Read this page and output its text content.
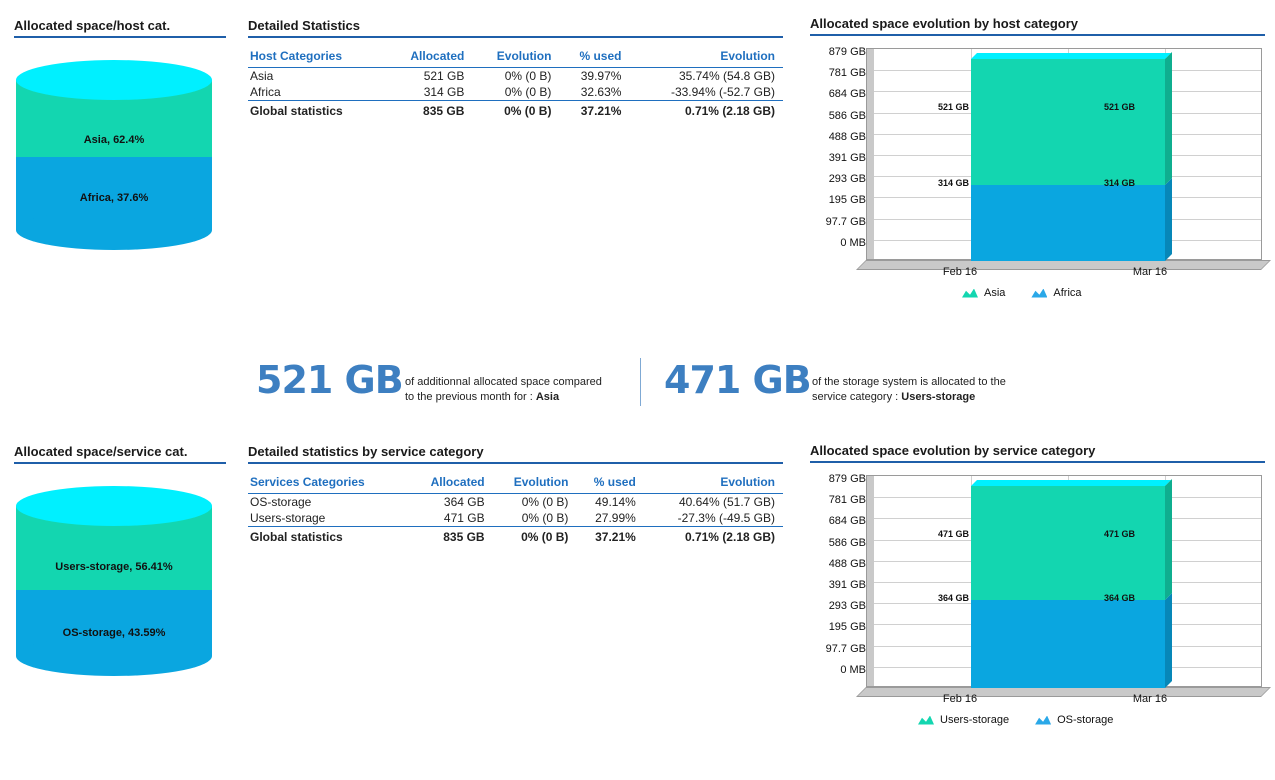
Allocated space/host cat.
Africa, 37.6%
Asia, 62.4%
Detailed Statistics
Host Categories	Allocated	Evolution	% used	Evolution
Asia	521 GB	0% (0 B)	39.97%	35.74% (54.8 GB)
Africa	314 GB	0% (0 B)	32.63%	-33.94% (-52.7 GB)
Global statistics	835 GB	0% (0 B)	37.21%	0.71% (2.18 GB)
Allocated space evolution by host category
879 GB
781 GB
684 GB
586 GB
488 GB
391 GB
293 GB
195 GB
97.7 GB
0 MB
521 GB	521 GB
314 GB	314 GB
Feb 16	Mar 16
Asia	Africa
521 GB of additionnal allocated space compared
to the previous month for : Asia	471 GB of the storage system is allocated to the
service category : Users-storage
Allocated space/service cat.
OS-storage, 43.59%
Users-storage, 56.41%
Detailed statistics by service category
Services Categories	Allocated	Evolution	% used	Evolution
OS-storage	364 GB	0% (0 B)	49.14%	40.64% (51.7 GB)
Users-storage	471 GB	0% (0 B)	27.99%	-27.3% (-49.5 GB)
Global statistics	835 GB	0% (0 B)	37.21%	0.71% (2.18 GB)
Allocated space evolution by service category
879 GB
781 GB
684 GB
586 GB
488 GB
391 GB
293 GB
195 GB
97.7 GB
0 MB
471 GB	471 GB
364 GB	364 GB
Feb 16	Mar 16
Users-storage	OS-storage
